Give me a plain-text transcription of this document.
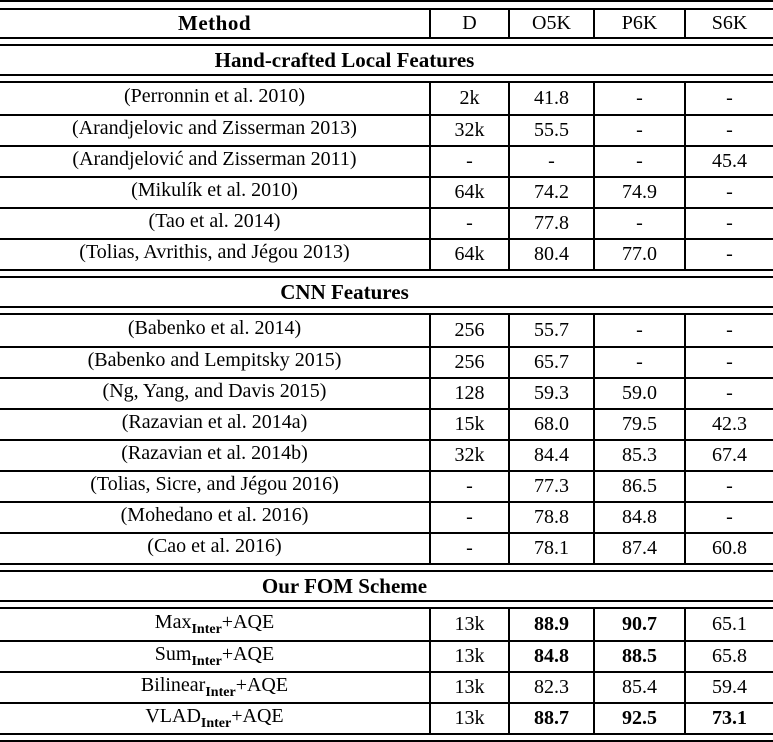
Method	D	O5K	P6K	S6K
Hand-crafted Local Features
(Perronnin et al. 2010)	2k	41.8	-	-
(Arandjelovic and Zisserman 2013)	32k	55.5	-	-
(Arandjelović and Zisserman 2011)	-	-	-	45.4
(Mikulík et al. 2010)	64k	74.2	74.9	-
(Tao et al. 2014)	-	77.8	-	-
(Tolias, Avrithis, and Jégou 2013)	64k	80.4	77.0	-
CNN Features
(Babenko et al. 2014)	256	55.7	-	-
(Babenko and Lempitsky 2015)	256	65.7	-	-
(Ng, Yang, and Davis 2015)	128	59.3	59.0	-
(Razavian et al. 2014a)	15k	68.0	79.5	42.3
(Razavian et al. 2014b)	32k	84.4	85.3	67.4
(Tolias, Sicre, and Jégou 2016)	-	77.3	86.5	-
(Mohedano et al. 2016)	-	78.8	84.8	-
(Cao et al. 2016)	-	78.1	87.4	60.8
Our FOM Scheme
Max$_{Inter}$+AQE	13k	88.9	90.7	65.1
Sum$_{Inter}$+AQE	13k	84.8	88.5	65.8
Bilinear$_{Inter}$+AQE	13k	82.3	85.4	59.4
$VLAD_{Inter}+AQE$	13k	88.7	92.5	73.1
